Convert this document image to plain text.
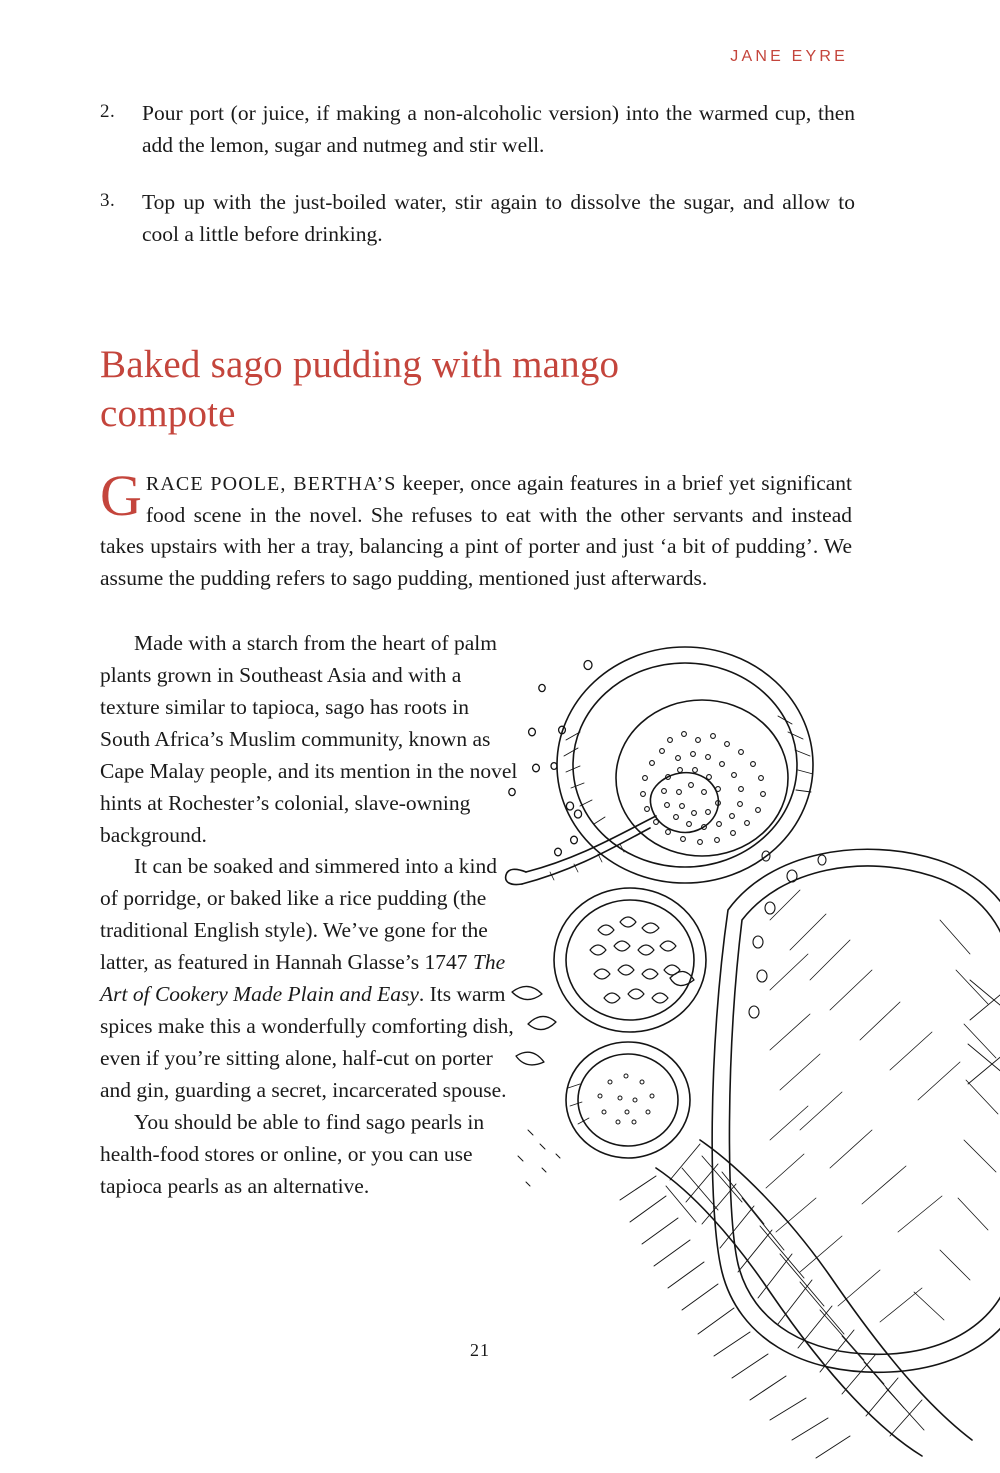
JANE EYRE
2.	Pour port (or juice, if making a non-alcoholic version) into the warmed cup, then add the lemon, sugar and nutmeg and stir well.
3.	Top up with the just-boiled water, stir again to dissolve the sugar, and allow to cool a little before drinking.
Baked sago pudding with mango compote
GRACE POOLE, BERTHA’S keeper, once again features in a brief yet significant food scene in the novel. She refuses to eat with the other servants and instead takes upstairs with her a tray, balancing a pint of porter and just ‘a bit of pudding’. We assume the pudding refers to sago pudding, mentioned just afterwards.

Made with a starch from the heart of palm plants grown in Southeast Asia and with a texture similar to tapioca, sago has roots in South Africa’s Muslim community, known as Cape Malay people, and its mention in the novel hints at Rochester’s colonial, slave-owning background.

It can be soaked and simmered into a kind of porridge, or baked like a rice pudding (the traditional English style). We’ve gone for the latter, as featured in Hannah Glasse’s 1747 The Art of Cookery Made Plain and Easy. Its warm spices make this a wonderfully comforting dish, even if you’re sitting alone, half-cut on porter and gin, guarding a secret, incarcerated spouse.

You should be able to find sago pearls in health-food stores or online, or you can use tapioca pearls as an alternative.

21
